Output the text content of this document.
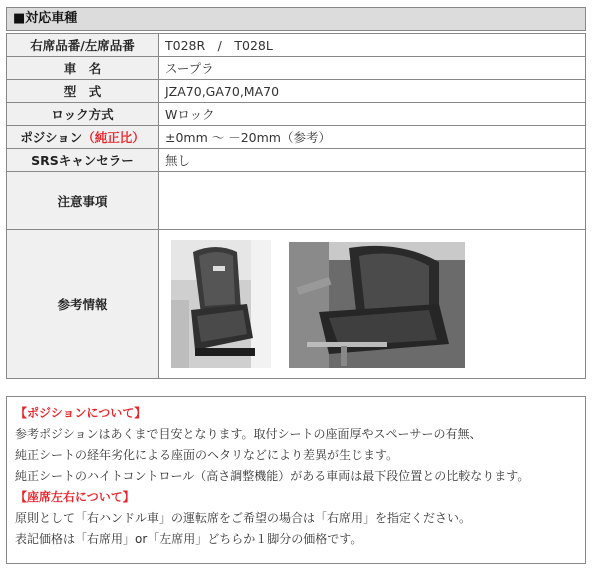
■対応車種
右席品番/左席品番	T028R　/　T028L
車　名	スープラ
型　式	JZA70,GA70,MA70
ロック方式	Wロック
ポジション（純正比）	±0mm 〜 －20mm（参考）
SRSキャンセラー	無し
注意事項	
参考情報	
【ポジションについて】
参考ポジションはあくまで目安となります。取付シートの座面厚やスペーサーの有無、
純正シートの経年劣化による座面のヘタリなどにより差異が生じます。
純正シートのハイトコントロール（高さ調整機能）がある車両は最下段位置との比較なります。
【座席左右について】
原則として「右ハンドル車」の運転席をご希望の場合は「右席用」を指定ください。
表記価格は「右席用」or「左席用」どちらか１脚分の価格です。
